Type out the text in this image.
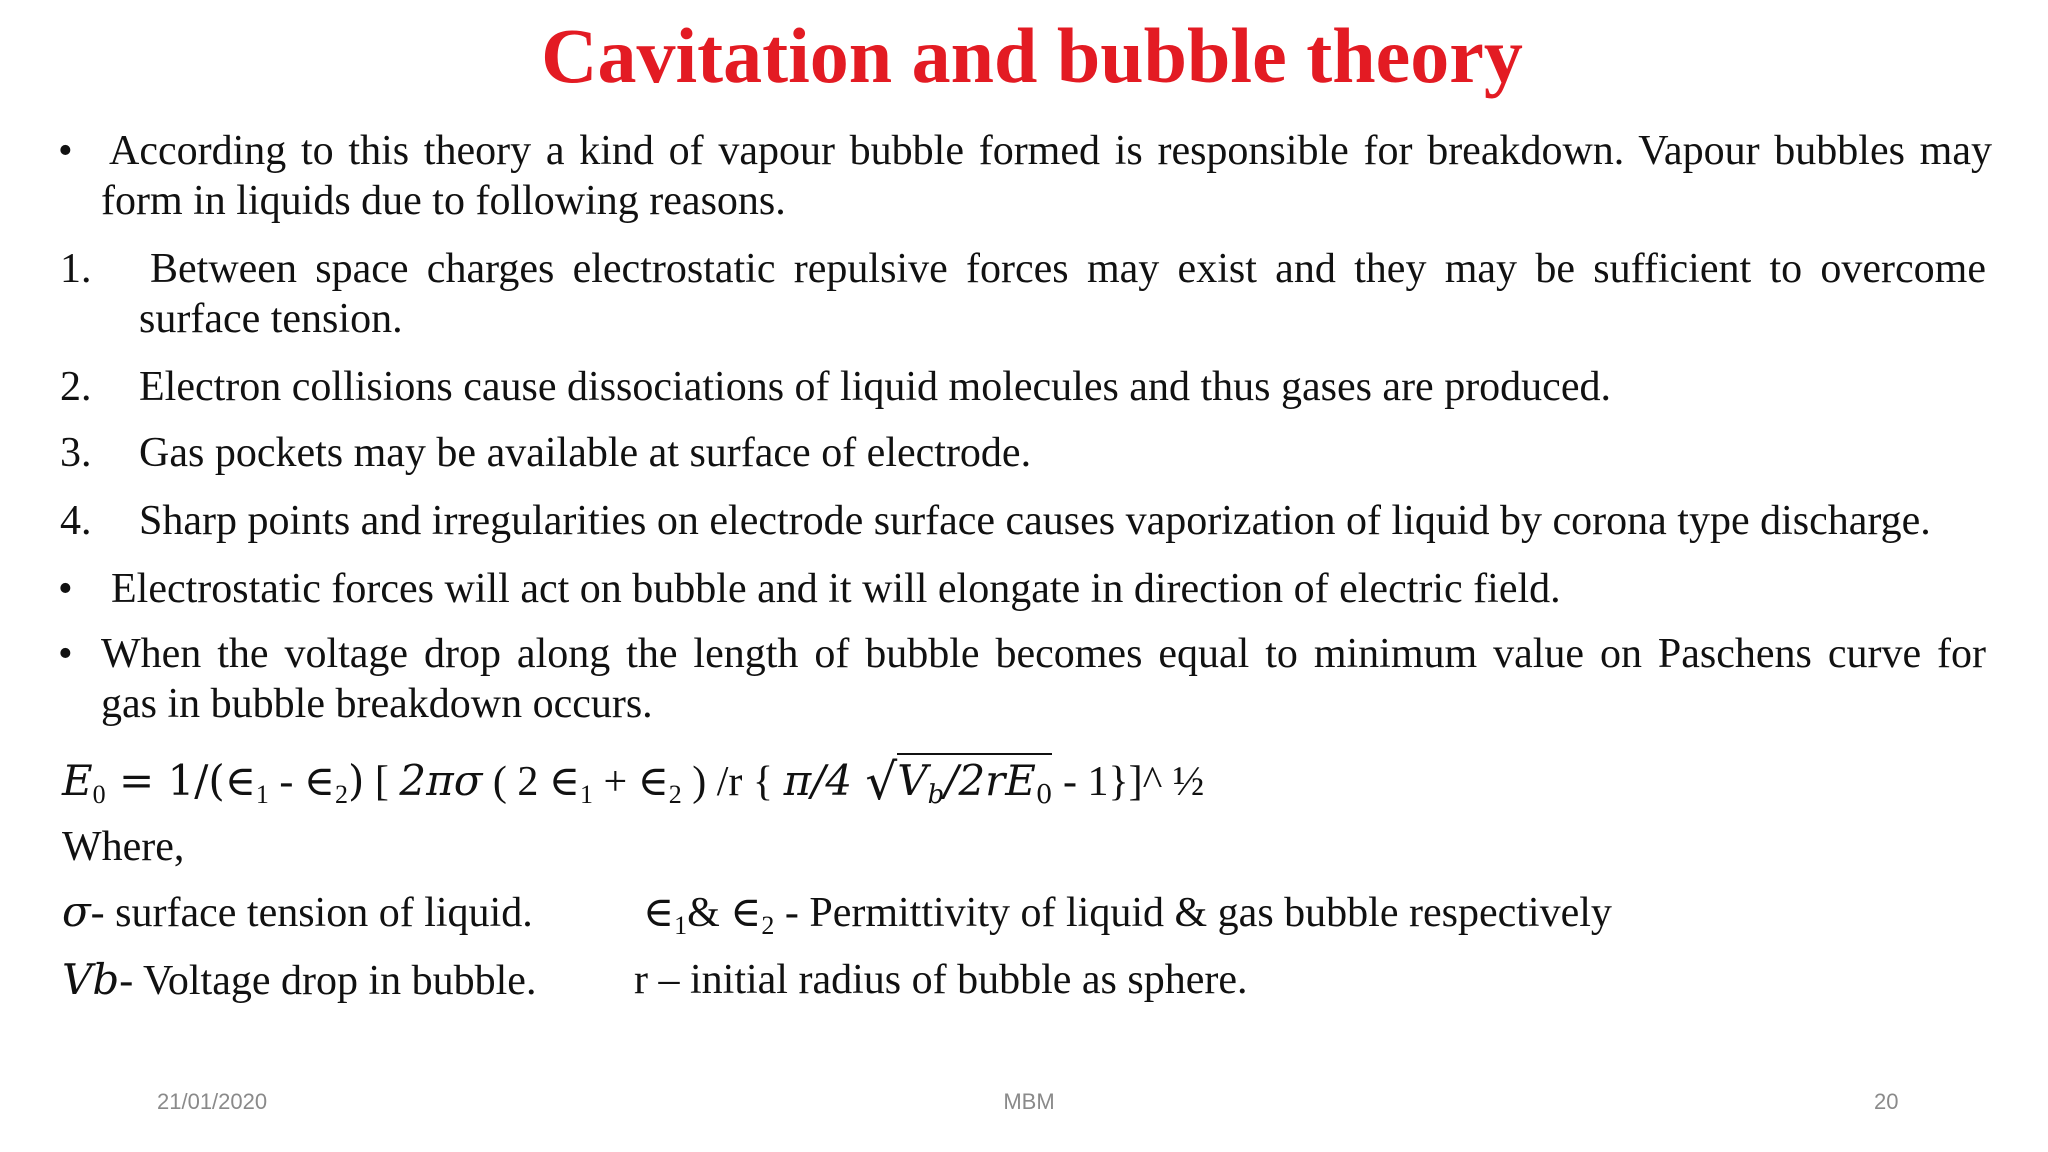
Cavitation and bubble theory
• According to this theory a kind of vapour bubble formed is responsible for breakdown. Vapour bubbles may
form in liquids due to following reasons.
1. Between space charges electrostatic repulsive forces may exist and they may be sufficient to overcome
surface tension.
2. Electron collisions cause dissociations of liquid molecules and thus gases are produced.
3. Gas pockets may be available at surface of electrode.
4. Sharp points and irregularities on electrode surface causes vaporization of liquid by corona type discharge.
• Electrostatic forces will act on bubble and it will elongate in direction of electric field.
• When the voltage drop along the length of bubble becomes equal to minimum value on Paschens curve for
gas in bubble breakdown occurs.
$E_0$ = $1/(\in_1$ - $\in_2$) [ 2πσ ( 2 $\in_1$ + $\in_2$ ) /r { π/4 $√Vb/2rE_0$ - 1}]^ ½
Where,
σ- surface tension of liquid.	$\in_1\&$ $\in_2$ - Permittivity of liquid & gas bubble respectively
Vb- Voltage drop in bubble. r – initial radius of bubble as sphere.
21/01/2020	MBM	20
